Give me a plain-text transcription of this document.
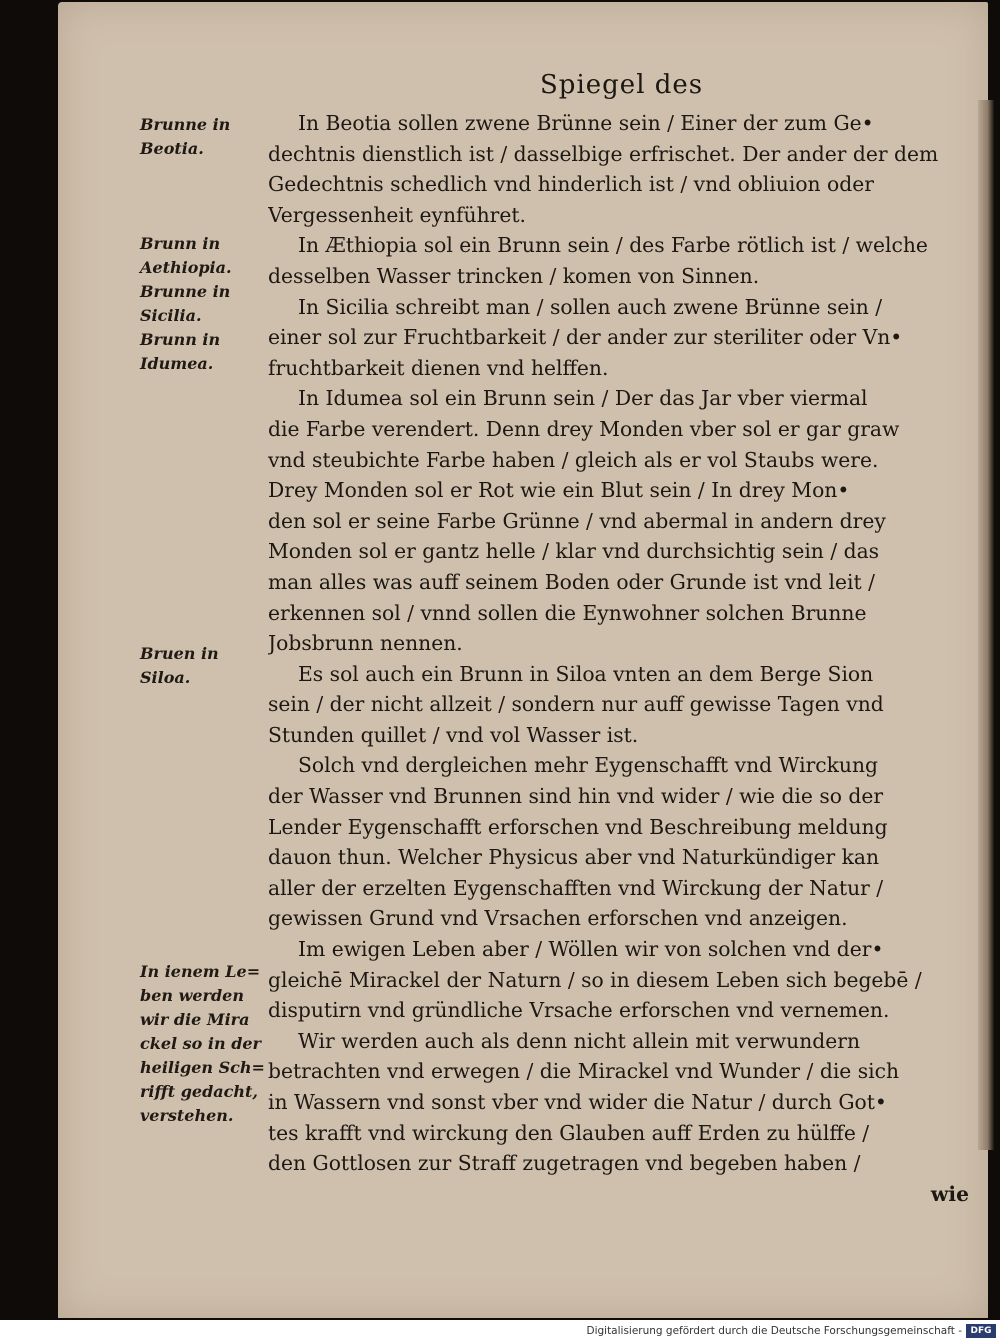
Spiegel des
Brunne in
Beotia.
Brunn in
Aethiopia.
Brunne in
Sicilia.
Brunn in
Idumea.
Bruen in
Siloa.
In ienem Le=
ben werden
wir die Mira
ckel so in der
heiligen Sch=
rifft gedacht,
verstehen.
In Beotia sollen zwene Brünne sein / Einer der zum Ge•
dechtnis dienstlich ist / dasselbige erfrischet. Der ander der dem
Gedechtnis schedlich vnd hinderlich ist / vnd obliuion oder
Vergessenheit eynführet.
In Æthiopia sol ein Brunn sein / des Farbe rötlich ist / welche
desselben Wasser trincken / komen von Sinnen.
In Sicilia schreibt man / sollen auch zwene Brünne sein /
einer sol zur Fruchtbarkeit / der ander zur steriliter oder Vn•
fruchtbarkeit dienen vnd helffen.
In Idumea sol ein Brunn sein / Der das Jar vber viermal
die Farbe verendert. Denn drey Monden vber sol er gar graw
vnd steubichte Farbe haben / gleich als er vol Staubs were.
Drey Monden sol er Rot wie ein Blut sein / In drey Mon•
den sol er seine Farbe Grünne / vnd abermal in andern drey
Monden sol er gantz helle / klar vnd durchsichtig sein / das
man alles was auff seinem Boden oder Grunde ist vnd leit /
erkennen sol / vnnd sollen die Eynwohner solchen Brunne
Jobsbrunn nennen.
Es sol auch ein Brunn in Siloa vnten an dem Berge Sion
sein / der nicht allzeit / sondern nur auff gewisse Tagen vnd
Stunden quillet / vnd vol Wasser ist.
Solch vnd dergleichen mehr Eygenschafft vnd Wirckung
der Wasser vnd Brunnen sind hin vnd wider / wie die so der
Lender Eygenschafft erforschen vnd Beschreibung meldung
dauon thun. Welcher Physicus aber vnd Naturkündiger kan
aller der erzelten Eygenschafften vnd Wirckung der Natur /
gewissen Grund vnd Vrsachen erforschen vnd anzeigen.
Im ewigen Leben aber / Wöllen wir von solchen vnd der•
gleichē Mirackel der Naturn / so in diesem Leben sich begebē /
disputirn vnd gründliche Vrsache erforschen vnd vernemen.
Wir werden auch als denn nicht allein mit verwundern
betrachten vnd erwegen / die Mirackel vnd Wunder / die sich
in Wassern vnd sonst vber vnd wider die Natur / durch Got•
tes krafft vnd wirckung den Glauben auff Erden zu hülffe /
den Gottlosen zur Straff zugetragen vnd begeben haben /
wie
Digitalisierung gefördert durch die Deutsche Forschungsgemeinschaft - DFG
